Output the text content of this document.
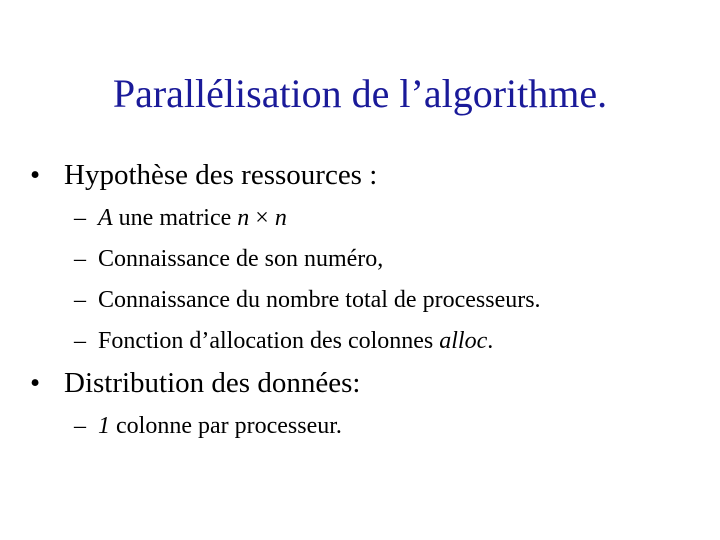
Parallélisation de l’algorithme.
• Hypothèse des ressources :
– A une matrice n × n
– Connaissance de son numéro,
– Connaissance du nombre total de processeurs.
– Fonction d’allocation des colonnes alloc.
• Distribution des données:
– 1 colonne par processeur.
